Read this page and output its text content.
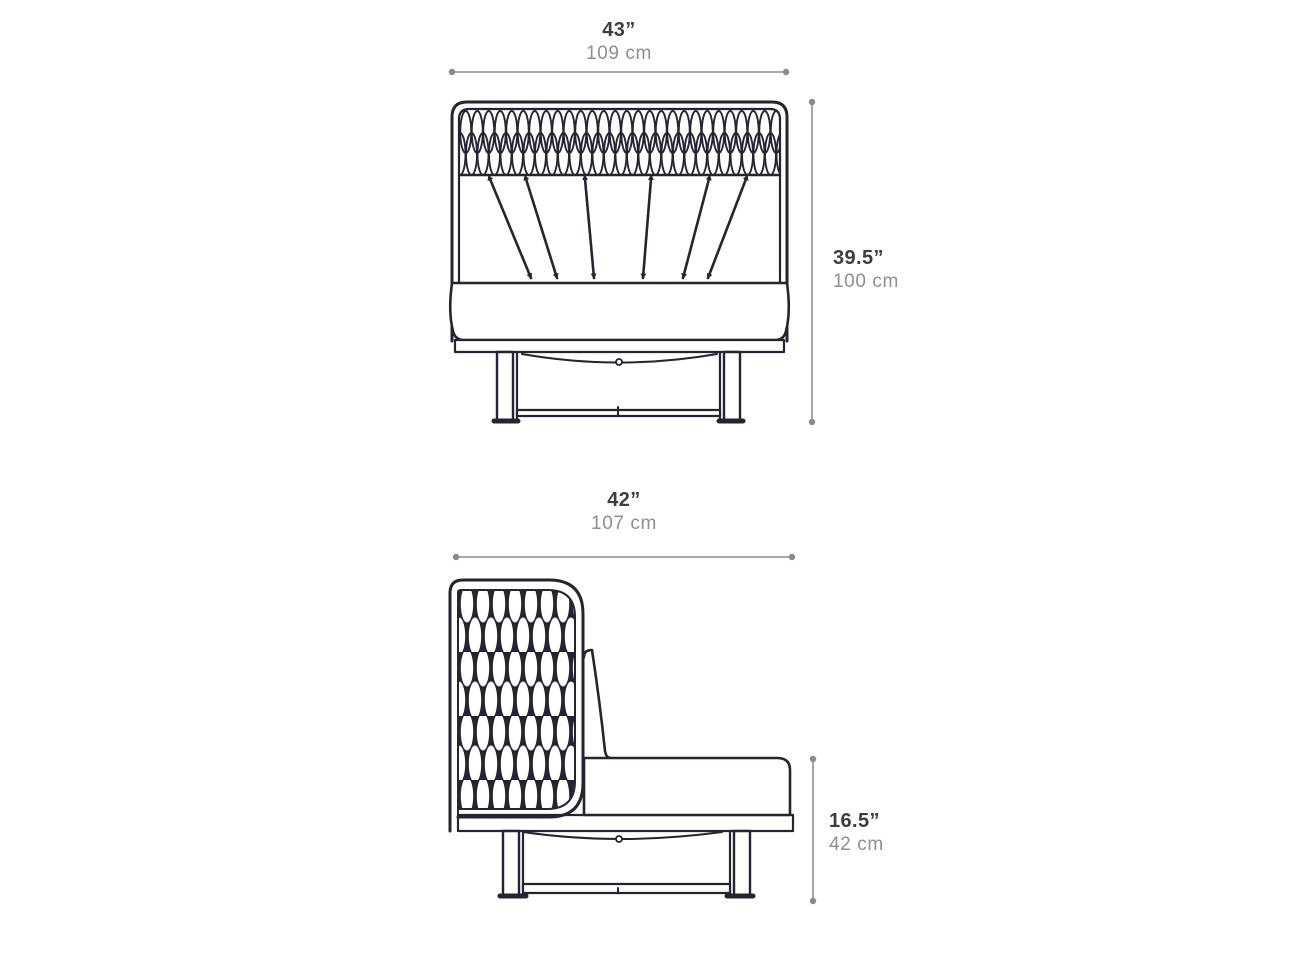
43”
109 cm
39.5”
100 cm
42”
107 cm
16.5”
42 cm
